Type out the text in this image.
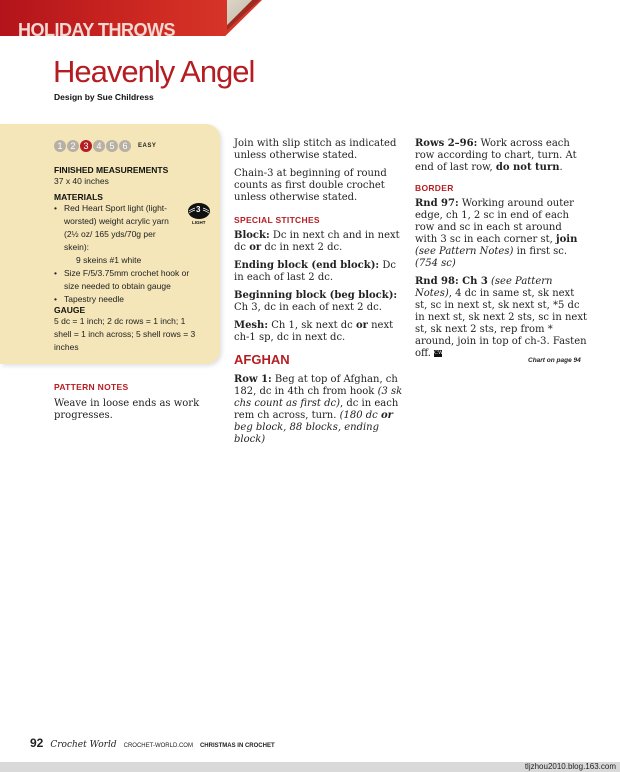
HOLIDAY THROWS
Heavenly Angel
Design by Sue Childress
1 2 3 4 5 6	EASY
FINISHED MEASUREMENTS
37 x 40 inches
MATERIALS
• Red Heart Sport light (light-worsted) weight acrylic yarn (2½ oz/ 165 yds/70g per skein):
9 skeins #1 white
• Size F/5/3.75mm crochet hook or size needed to obtain gauge
• Tapestry needle
3
LIGHT
GAUGE
5 dc = 1 inch; 2 dc rows = 1 inch; 1 shell = 1 inch across; 5 shell rows = 3 inches
PATTERN NOTES
Weave in loose ends as work progresses.

Join with slip stitch as indicated unless otherwise stated.

Chain-3 at beginning of round counts as first double crochet unless otherwise stated.

SPECIAL STITCHES

Block: Dc in next ch and in next dc or dc in next 2 dc.

Ending block (end block): Dc in each of last 2 dc.

Beginning block (beg block): Ch 3, dc in each of next 2 dc.

Mesh: Ch 1, sk next dc or next ch-1 sp, dc in next dc.

AFGHAN

Row 1: Beg at top of Afghan, ch 182, dc in 4th ch from hook (3 sk chs count as first dc), dc in each rem ch across, turn. (180 dc or beg block, 88 blocks, ending block)

Rows 2–96: Work across each row according to chart, turn. At end of last row, do not turn.

BORDER

Rnd 97: Working around outer edge, ch 1, 2 sc in end of each row and sc in each st around with 3 sc in each corner st, join (see Pattern Notes) in first sc. (754 sc)

Rnd 98: Ch 3 (see Pattern Notes), 4 dc in same st, sk next st, sc in next st, sk next st, *5 dc in next st, sk next 2 sts, sc in next st, sk next 2 sts, rep from * around, join in top of ch-3. Fasten off. CW

Chart on page 94
92 Crochet World CROCHET-WORLD.COM CHRISTMAS IN CROCHET
tljzhou2010.blog.163.com
